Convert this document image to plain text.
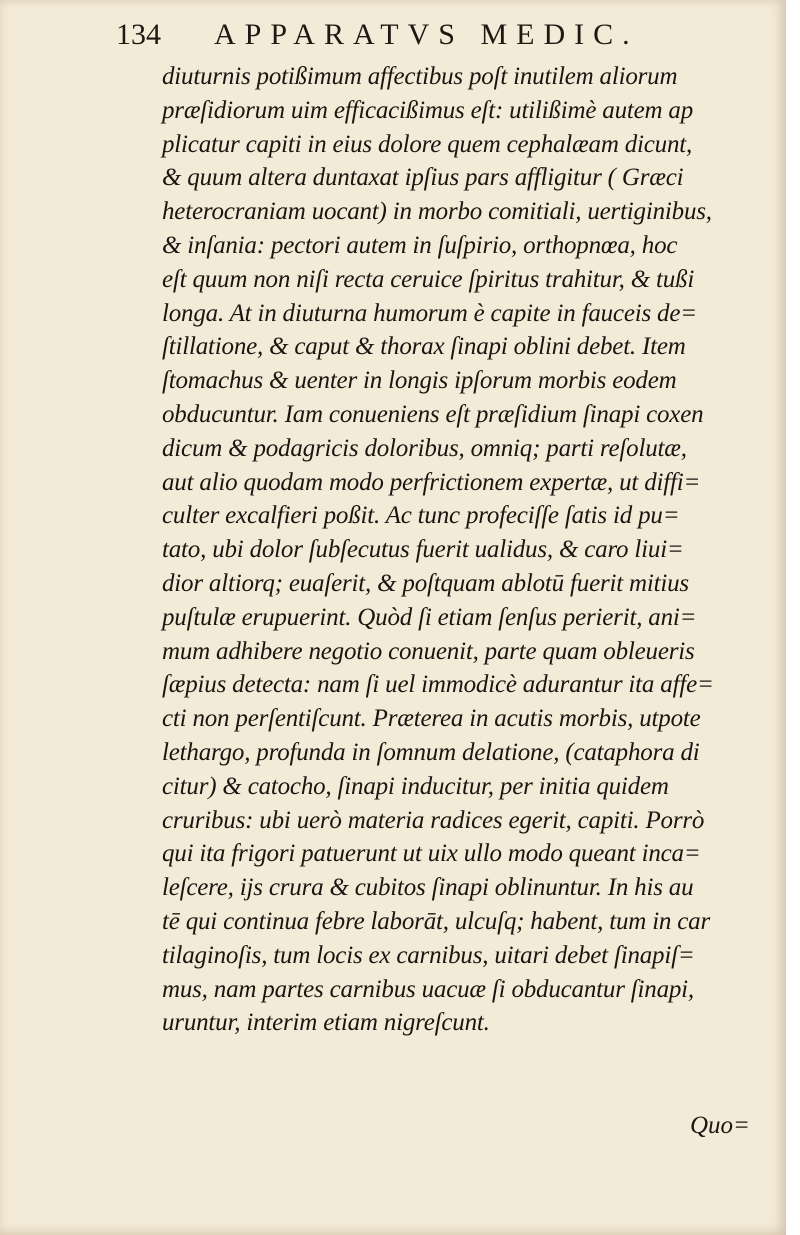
134 APPARATVS MEDIC.
diuturnis potißimum affectibus poſt inutilem aliorum
præſidiorum uim efficacißimus eſt: utilißimè autem ap
plicatur capiti in eius dolore quem cephalæam dicunt,
& quum altera duntaxat ipſius pars affligitur ( Græci
heterocraniam uocant) in morbo comitiali, uertiginibus,
& inſania: pectori autem in ſuſpirio, orthopnœa, hoc
eſt quum non niſi recta ceruice ſpiritus trahitur, & tußi
longa. At in diuturna humorum è capite in fauceis de=
ſtillatione, & caput & thorax ſinapi oblini debet. Item
ſtomachus & uenter in longis ipſorum morbis eodem
obducuntur. Iam conueniens eſt præſidium ſinapi coxen
dicum & podagricis doloribus, omniq; parti reſolutæ,
aut alio quodam modo perfrictionem expertæ, ut diffi=
culter excalfieri poßit. Ac tunc profeciſſe ſatis id pu=
tato, ubi dolor ſubſecutus fuerit ualidus, & caro liui=
dior altiorq; euaſerit, & poſtquam ablotū fuerit mitius
puſtulæ erupuerint. Quòd ſi etiam ſenſus perierit, ani=
mum adhibere negotio conuenit, parte quam obleueris
ſæpius detecta: nam ſi uel immodicè adurantur ita affe=
cti non perſentiſcunt. Præterea in acutis morbis, utpote
lethargo, profunda in ſomnum delatione, (cataphora di
citur) & catocho, ſinapi inducitur, per initia quidem
cruribus: ubi uerò materia radices egerit, capiti. Porrò
qui ita frigori patuerunt ut uix ullo modo queant inca=
leſcere, ijs crura & cubitos ſinapi oblinuntur. In his au
tē qui continua febre laborāt, ulcuſq; habent, tum in car
tilaginoſis, tum locis ex carnibus, uitari debet ſinapiſ=
mus, nam partes carnibus uacuæ ſi obducantur ſinapi,
uruntur, interim etiam nigreſcunt.
Quo=
